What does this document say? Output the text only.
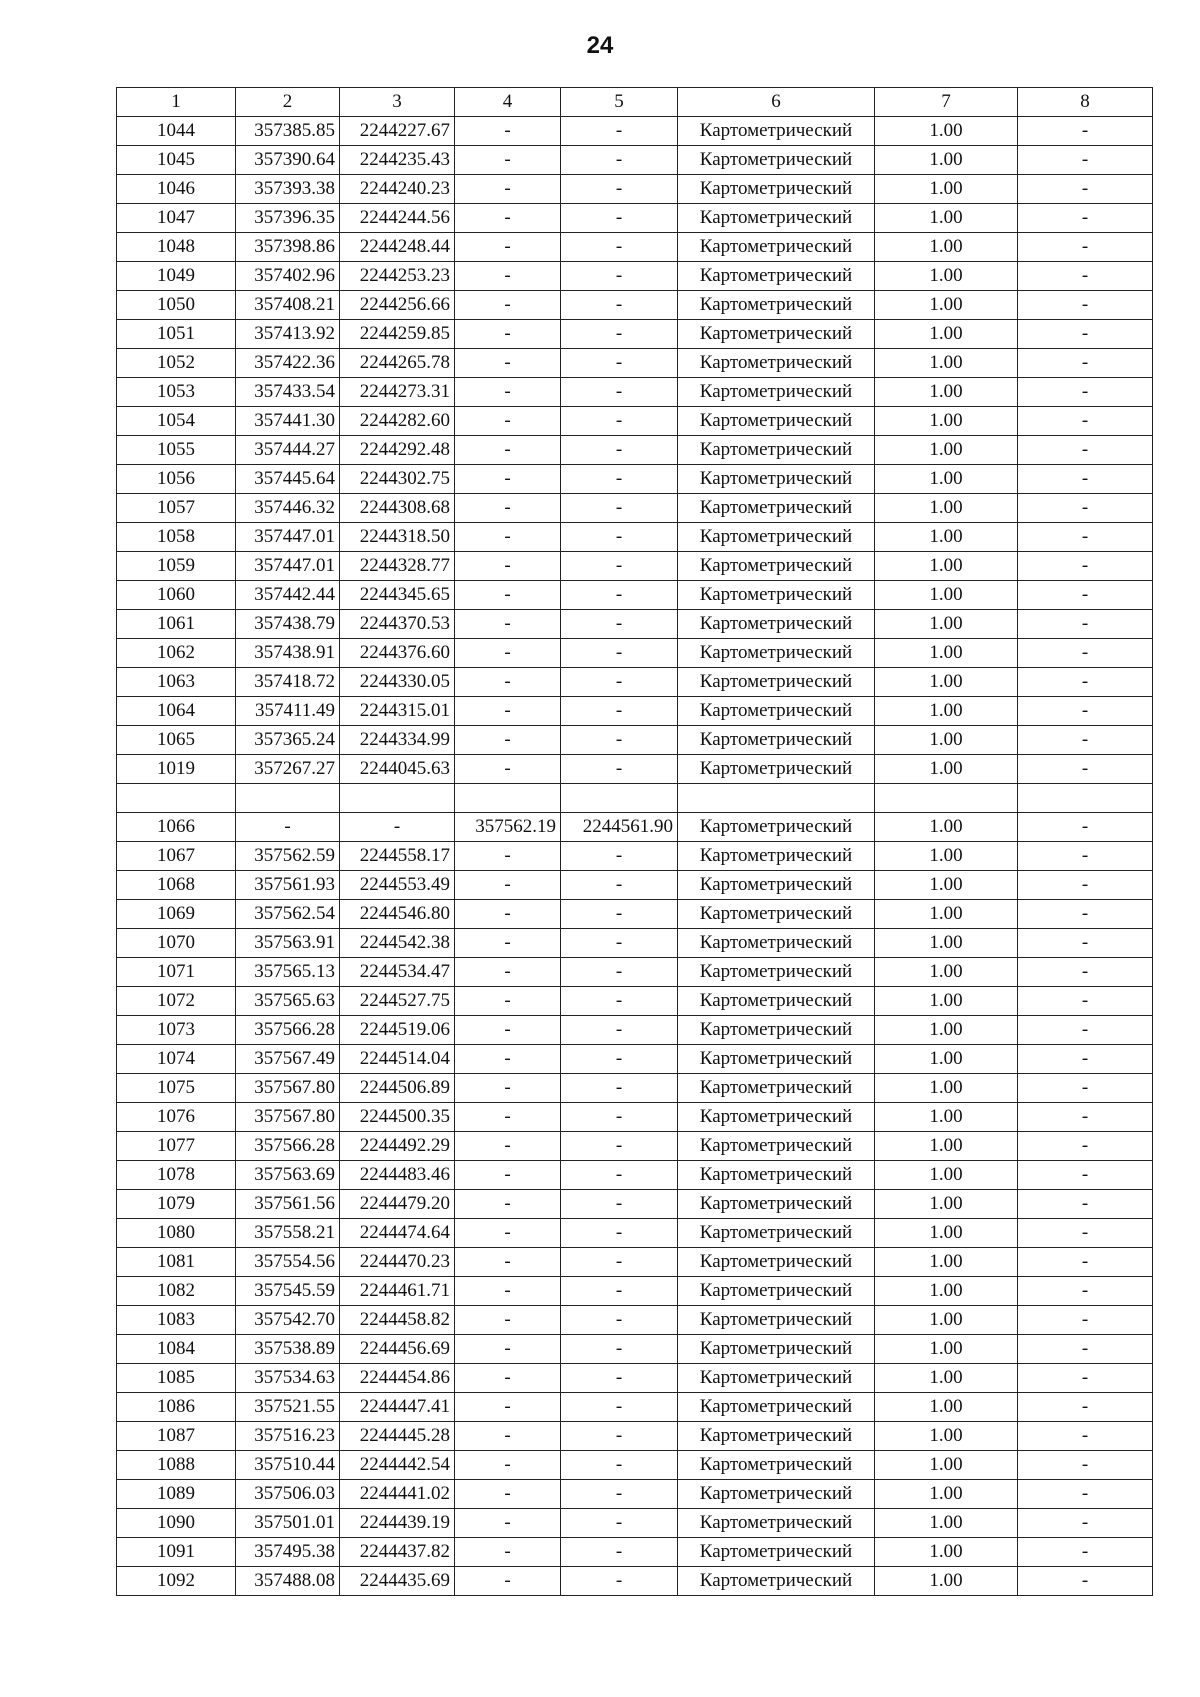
24
1	2	3	4	5	6	7	8
1044	357385.85	2244227.67	-	-	Картометрический	1.00	-
1045	357390.64	2244235.43	-	-	Картометрический	1.00	-
1046	357393.38	2244240.23	-	-	Картометрический	1.00	-
1047	357396.35	2244244.56	-	-	Картометрический	1.00	-
1048	357398.86	2244248.44	-	-	Картометрический	1.00	-
1049	357402.96	2244253.23	-	-	Картометрический	1.00	-
1050	357408.21	2244256.66	-	-	Картометрический	1.00	-
1051	357413.92	2244259.85	-	-	Картометрический	1.00	-
1052	357422.36	2244265.78	-	-	Картометрический	1.00	-
1053	357433.54	2244273.31	-	-	Картометрический	1.00	-
1054	357441.30	2244282.60	-	-	Картометрический	1.00	-
1055	357444.27	2244292.48	-	-	Картометрический	1.00	-
1056	357445.64	2244302.75	-	-	Картометрический	1.00	-
1057	357446.32	2244308.68	-	-	Картометрический	1.00	-
1058	357447.01	2244318.50	-	-	Картометрический	1.00	-
1059	357447.01	2244328.77	-	-	Картометрический	1.00	-
1060	357442.44	2244345.65	-	-	Картометрический	1.00	-
1061	357438.79	2244370.53	-	-	Картометрический	1.00	-
1062	357438.91	2244376.60	-	-	Картометрический	1.00	-
1063	357418.72	2244330.05	-	-	Картометрический	1.00	-
1064	357411.49	2244315.01	-	-	Картометрический	1.00	-
1065	357365.24	2244334.99	-	-	Картометрический	1.00	-
1019	357267.27	2244045.63	-	-	Картометрический	1.00	-

1066	-	-	357562.19	2244561.90	Картометрический	1.00	-
1067	357562.59	2244558.17	-	-	Картометрический	1.00	-
1068	357561.93	2244553.49	-	-	Картометрический	1.00	-
1069	357562.54	2244546.80	-	-	Картометрический	1.00	-
1070	357563.91	2244542.38	-	-	Картометрический	1.00	-
1071	357565.13	2244534.47	-	-	Картометрический	1.00	-
1072	357565.63	2244527.75	-	-	Картометрический	1.00	-
1073	357566.28	2244519.06	-	-	Картометрический	1.00	-
1074	357567.49	2244514.04	-	-	Картометрический	1.00	-
1075	357567.80	2244506.89	-	-	Картометрический	1.00	-
1076	357567.80	2244500.35	-	-	Картометрический	1.00	-
1077	357566.28	2244492.29	-	-	Картометрический	1.00	-
1078	357563.69	2244483.46	-	-	Картометрический	1.00	-
1079	357561.56	2244479.20	-	-	Картометрический	1.00	-
1080	357558.21	2244474.64	-	-	Картометрический	1.00	-
1081	357554.56	2244470.23	-	-	Картометрический	1.00	-
1082	357545.59	2244461.71	-	-	Картометрический	1.00	-
1083	357542.70	2244458.82	-	-	Картометрический	1.00	-
1084	357538.89	2244456.69	-	-	Картометрический	1.00	-
1085	357534.63	2244454.86	-	-	Картометрический	1.00	-
1086	357521.55	2244447.41	-	-	Картометрический	1.00	-
1087	357516.23	2244445.28	-	-	Картометрический	1.00	-
1088	357510.44	2244442.54	-	-	Картометрический	1.00	-
1089	357506.03	2244441.02	-	-	Картометрический	1.00	-
1090	357501.01	2244439.19	-	-	Картометрический	1.00	-
1091	357495.38	2244437.82	-	-	Картометрический	1.00	-
1092	357488.08	2244435.69	-	-	Картометрический	1.00	-
